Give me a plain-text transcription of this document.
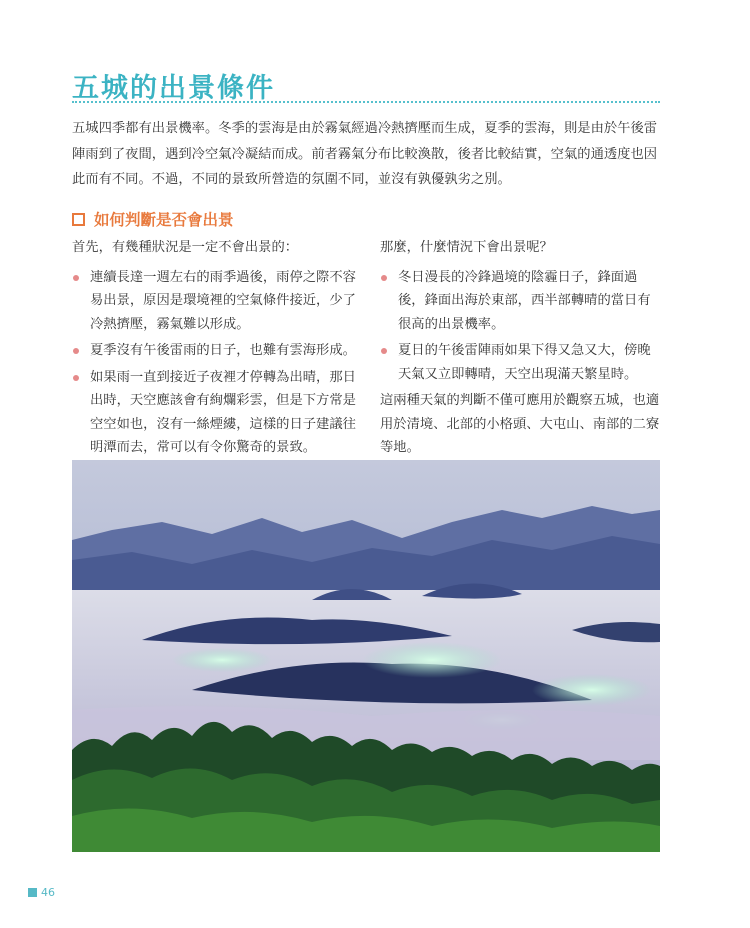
五城的出景條件

五城四季都有出景機率。冬季的雲海是由於霧氣經過冷熱擠壓而生成，夏季的雲海，則是由於午後雷陣雨到了夜間，遇到冷空氣冷凝結而成。前者霧氣分布比較渙散，後者比較結實，空氣的通透度也因此而有不同。不過，不同的景致所營造的氛圍不同，並沒有孰優孰劣之別。

如何判斷是否會出景

首先，有幾種狀況是一定不會出景的：

連續長達一週左右的雨季過後，雨停之際不容易出景，原因是環境裡的空氣條件接近，少了冷熱擠壓，霧氣難以形成。
夏季沒有午後雷雨的日子，也難有雲海形成。
如果雨一直到接近子夜裡才停轉為出晴，那日出時，天空應該會有絢爛彩雲，但是下方常是空空如也，沒有一絲煙縷，這樣的日子建議往明潭而去，常可以有令你驚奇的景致。

那麼，什麼情況下會出景呢？

冬日漫長的冷鋒過境的陰霾日子，鋒面過後，鋒面出海於東部，西半部轉晴的當日有很高的出景機率。
夏日的午後雷陣雨如果下得又急又大，傍晚天氣又立即轉晴，天空出現滿天繁星時。

這兩種天氣的判斷不僅可應用於觀察五城，也適用於清境、北部的小格頭、大屯山、南部的二寮等地。

46
